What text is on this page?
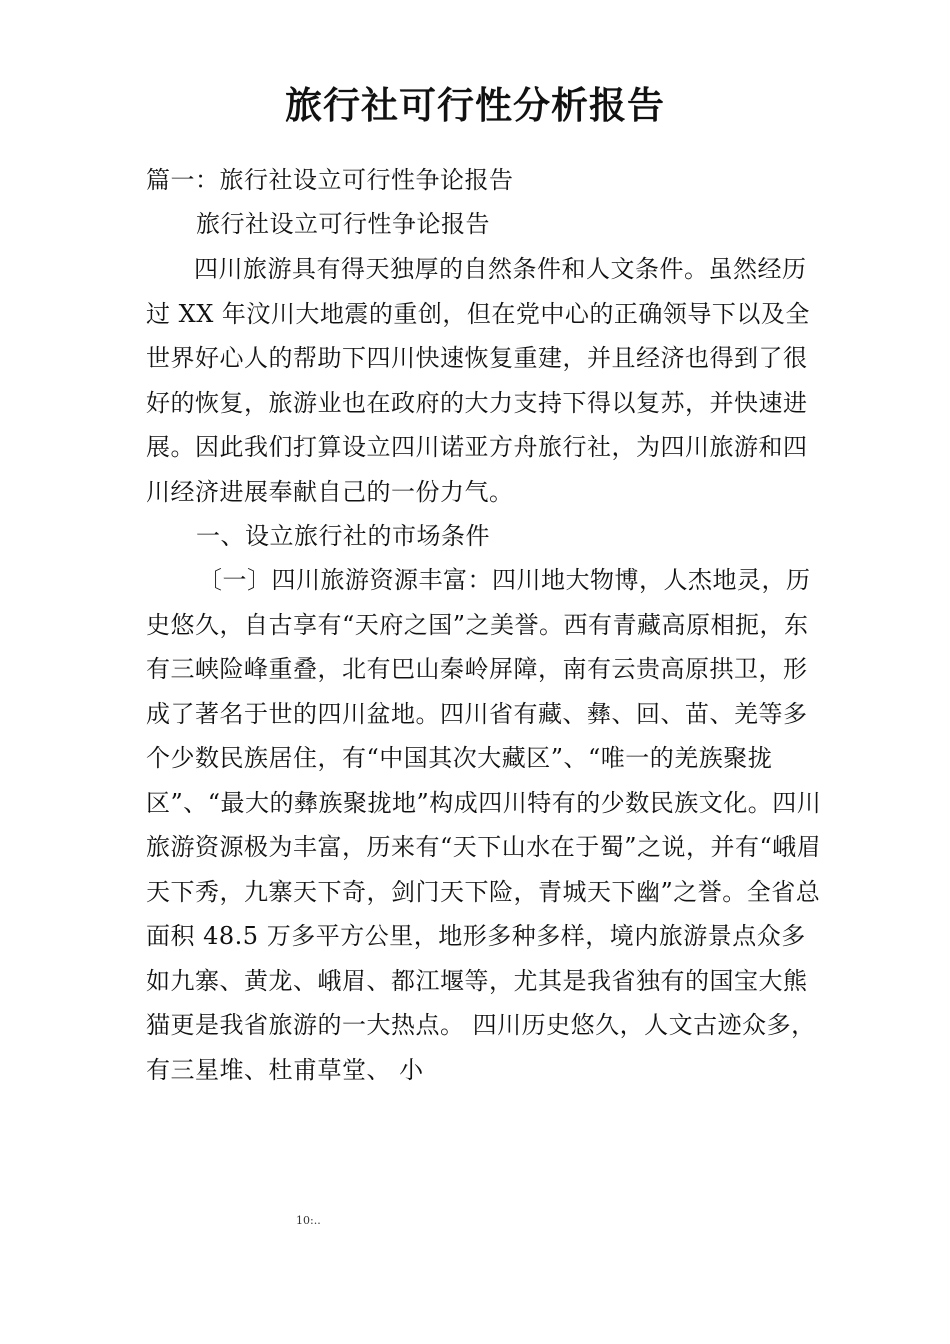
旅行社可行性分析报告

篇一：旅行社设立可行性争论报告

旅行社设立可行性争论报告

四川旅游具有得天独厚的自然条件和人文条件。虽然经历过 XX 年汶川大地震的重创，但在党中心的正确领导下以及全世界好心人的帮助下四川快速恢复重建，并且经济也得到了很好的恢复，旅游业也在政府的大力支持下得以复苏，并快速进展。因此我们打算设立四川诺亚方舟旅行社，为四川旅游和四川经济进展奉献自己的一份力气。

一、设立旅行社的市场条件

〔一〕四川旅游资源丰富：四川地大物博，人杰地灵，历史悠久，自古享有“天府之国”之美誉。西有青藏高原相扼，东有三峡险峰重叠，北有巴山秦岭屏障，南有云贵高原拱卫，形成了著名于世的四川盆地。四川省有藏、彝、回、苗、羌等多个少数民族居住，有“中国其次大藏区”、“唯一的羌族聚拢区”、“最大的彝族聚拢地”构成四川特有的少数民族文化。四川旅游资源极为丰富，历来有“天下山水在于蜀”之说，并有“峨眉天下秀，九寨天下奇，剑门天下险，青城天下幽”之誉。全省总面积 48.5 万多平方公里，地形多种多样，境内旅游景点众多如九寨、黄龙、峨眉、都江堰等，尤其是我省独有的国宝大熊猫更是我省旅游的一大热点。 四川历史悠久，人文古迹众多，有三星堆、杜甫草堂、 小

10:..
